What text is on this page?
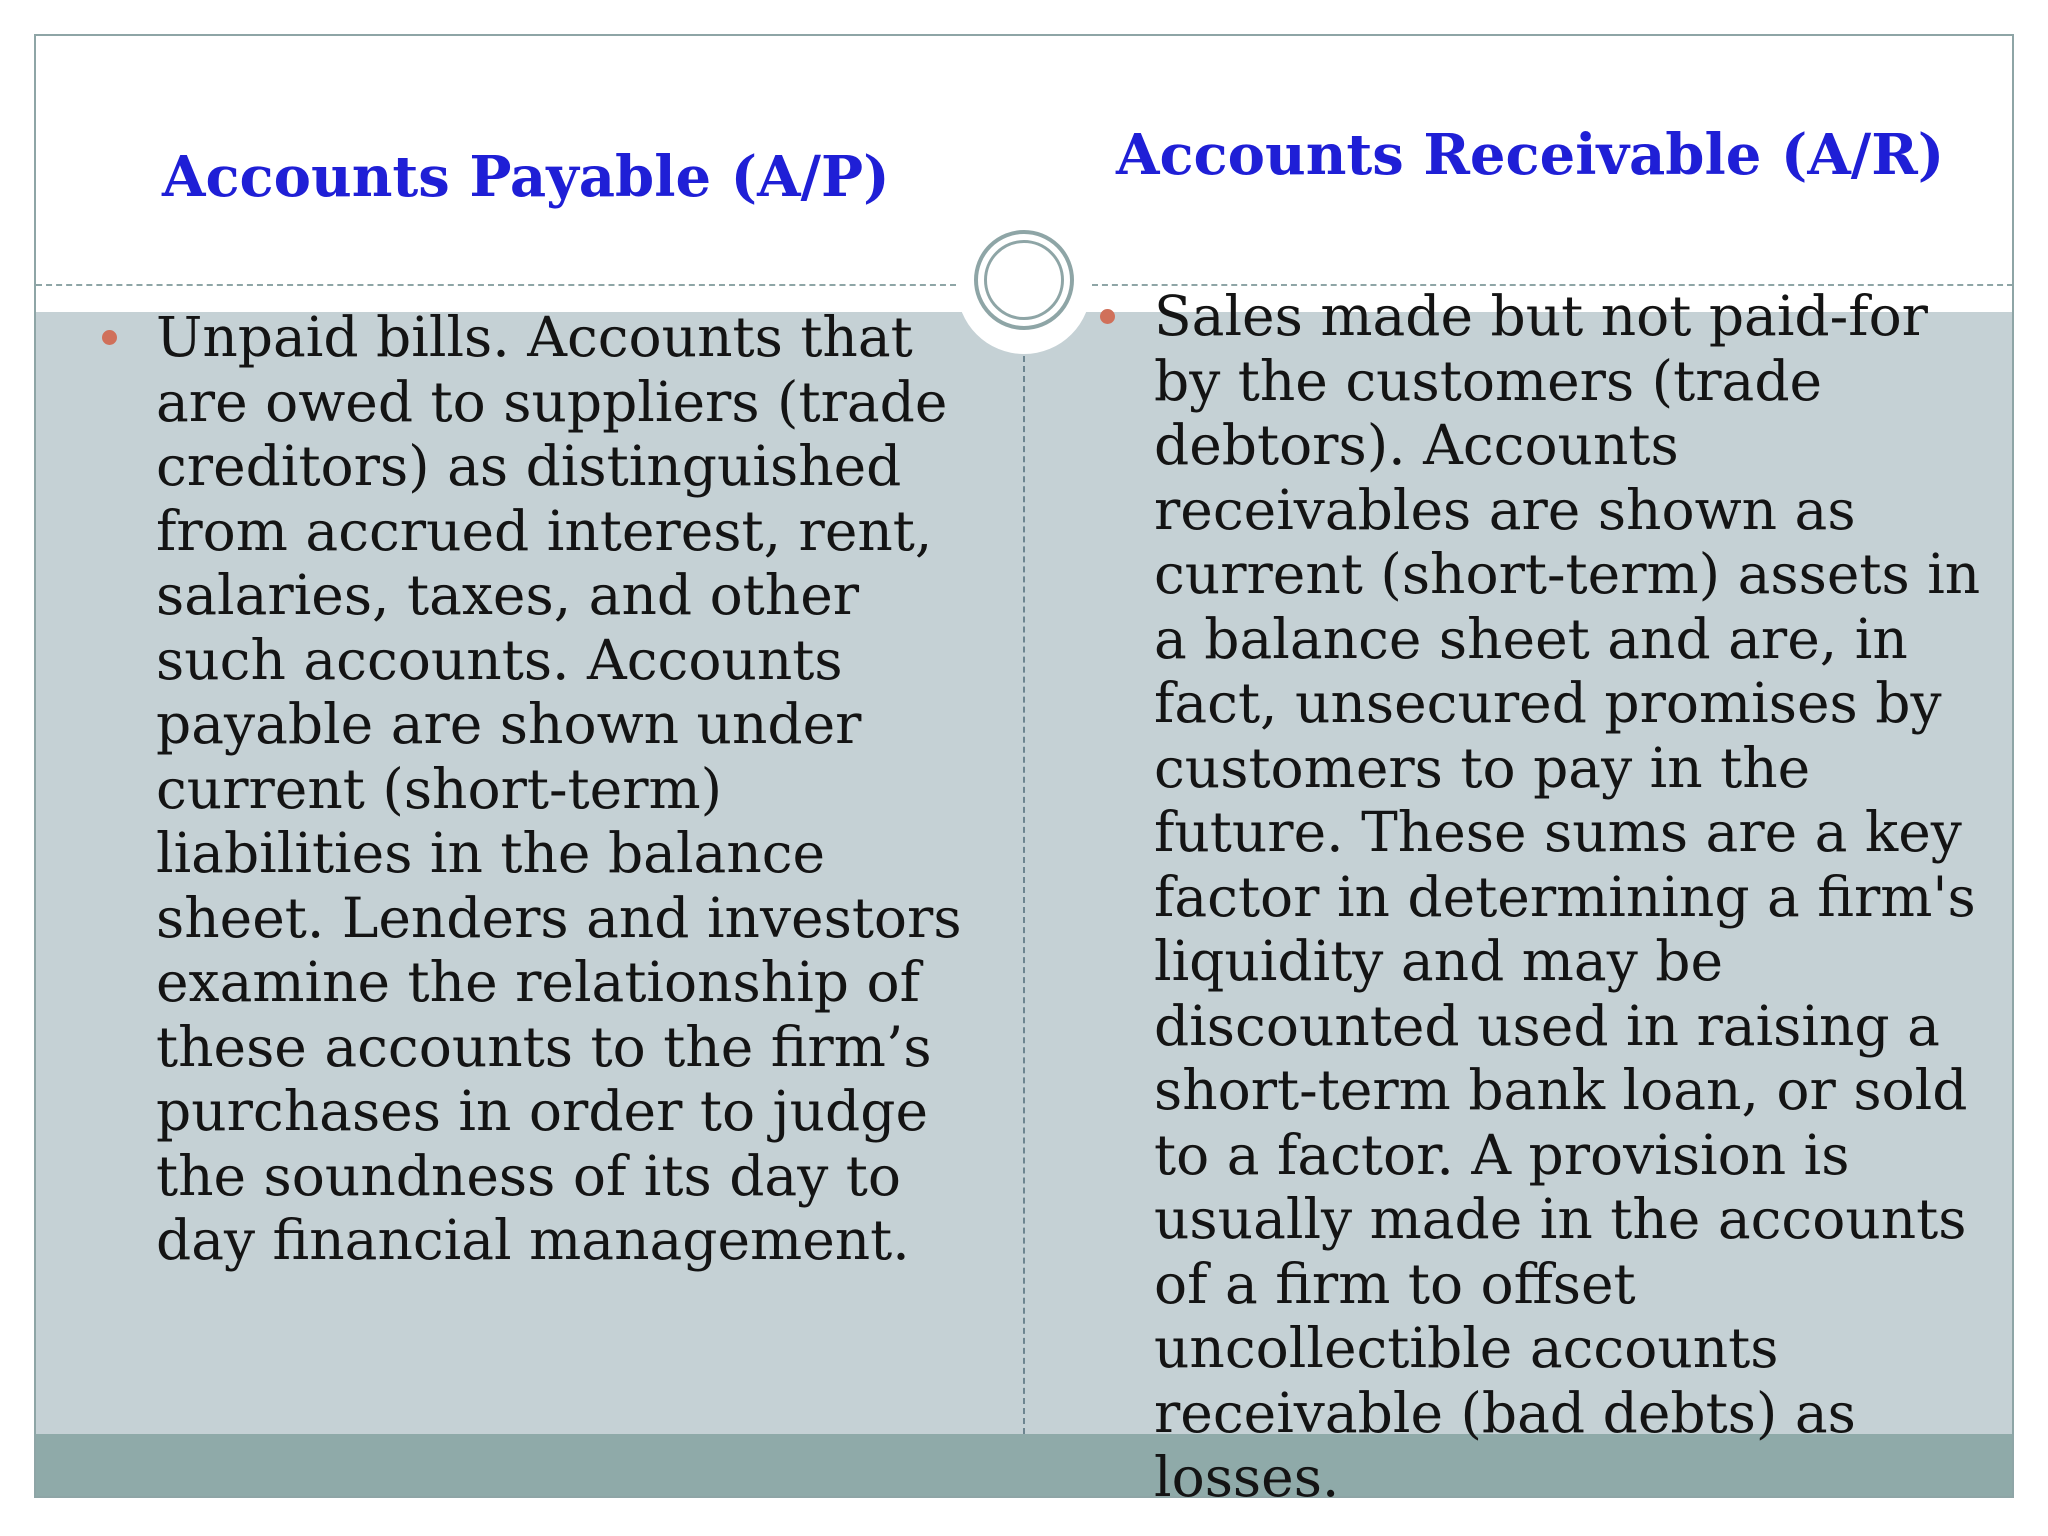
Accounts Payable (A/P)	Accounts Receivable (A/R)
Unpaid bills. Accounts that are owed to suppliers (trade creditors) as distinguished from accrued interest, rent, salaries, taxes, and other such accounts. Accounts payable are shown under current (short-term) liabilities in the balance sheet. Lenders and investors examine the relationship of these accounts to the firm’s purchases in order to judge the soundness of its day to day financial management.
Sales made but not paid-for by the customers (trade debtors). Accounts receivables are shown as current (short-term) assets in a balance sheet and are, in fact, unsecured promises by customers to pay in the future. These sums are a key factor in determining a firm's liquidity and may be discounted used in raising a short-term bank loan, or sold to a factor. A provision is usually made in the accounts of a firm to offset uncollectible accounts receivable (bad debts) as losses.
